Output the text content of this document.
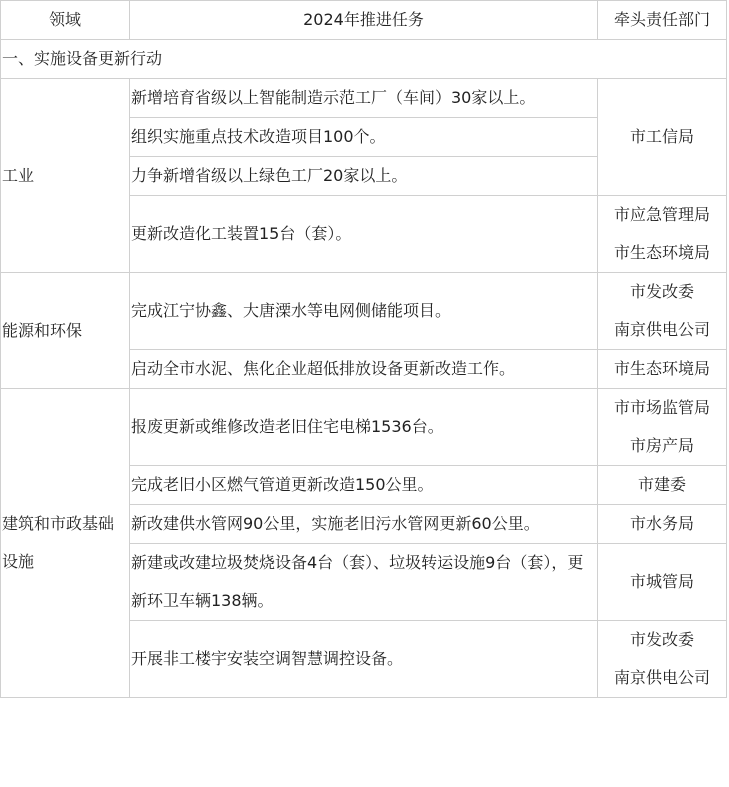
领域	2024年推进任务	牵头责任部门
一、实施设备更新行动		
工业	新增培育省级以上智能制造示范工厂（车间）30家以上。	市工信局

	组织实施重点技术改造项目100个。	
	力争新增省级以上绿色工厂20家以上。	
	更新改造化工装置15台（套）。	市应急管理局
市生态环境局

能源和环保	完成江宁协鑫、大唐溧水等电网侧储能项目。	市发改委
南京供电公司

	启动全市水泥、焦化企业超低排放设备更新改造工作。	市生态环境局

建筑和市政基础设施	报废更新或维修改造老旧住宅电梯1536台。	市市场监管局
市房产局

	完成老旧小区燃气管道更新改造150公里。	市建委

	新改建供水管网90公里，实施老旧污水管网更新60公里。	市水务局

	新建或改建垃圾焚烧设备4台（套）、垃圾转运设施9台（套），更新环卫车辆138辆。	市城管局

	开展非工楼宇安装空调智慧调控设备。	市发改委
南京供电公司
